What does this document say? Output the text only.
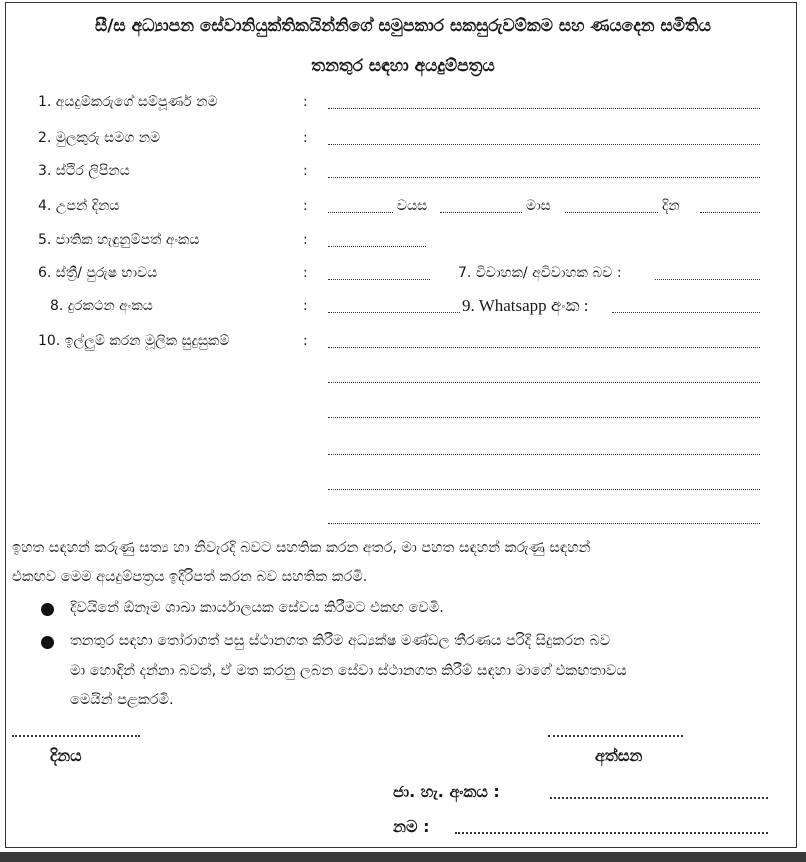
සී/ස අධ්‍යාපන සේවානියුක්තිකයින්නිගේ සමුපකාර සකසුරුවම්කම සහ ණයදෙන සමිතිය
තනතුර සඳහා අයදුම්පත්‍රය
1. අයදුම්කරුගේ සම්පූර්ණ නම	:
2. මුලකුරු සමග නම	:
3. ස්ථිර ලිපිනය	:
4. උපන් දිනය	:	වයස	මාස	දින
5. ජාතික හැඳුනුම්පත් අංකය	:
6. ස්ත්‍රී/ පුරුෂ භාවය	:	7. විවාහක/ අවිවාහක බව :
8. දුරකථන අංකය	:	9. Whatsapp අංක :
10. ඉල්ලුම් කරන මූලික සුදුසුකම්	:
ඉහත සඳහන් කරුණු සත්‍ය හා නිවැරදි බවට සහතික කරන අතර, මා පහත සඳහන් කරුණු සඳහන්
එකඟව මෙම අයදුම්පත්‍රය ඉදිරිපත් කරන බව සහතික කරමි.
දිවයිනේ ඕනෑම ශාඛා කාර්යාලයක සේවය කිරීමට එකඟ වෙමි.
තනතුර සඳහා තෝරාගත් පසු ස්ථානගත කිරීම අධ්‍යක්ෂ මණ්ඩල තීරණය පරිදි සිදුකරන බව
මා හොඳින් දන්නා බවත්, ඒ මත කරනු ලබන සේවා ස්ථානගත කිරීම් සඳහා මාගේ එකඟතාවය
මෙයින් පළකරමි.
දිනය	අත්සන
ජා. හැ. අංකය :
නම :
